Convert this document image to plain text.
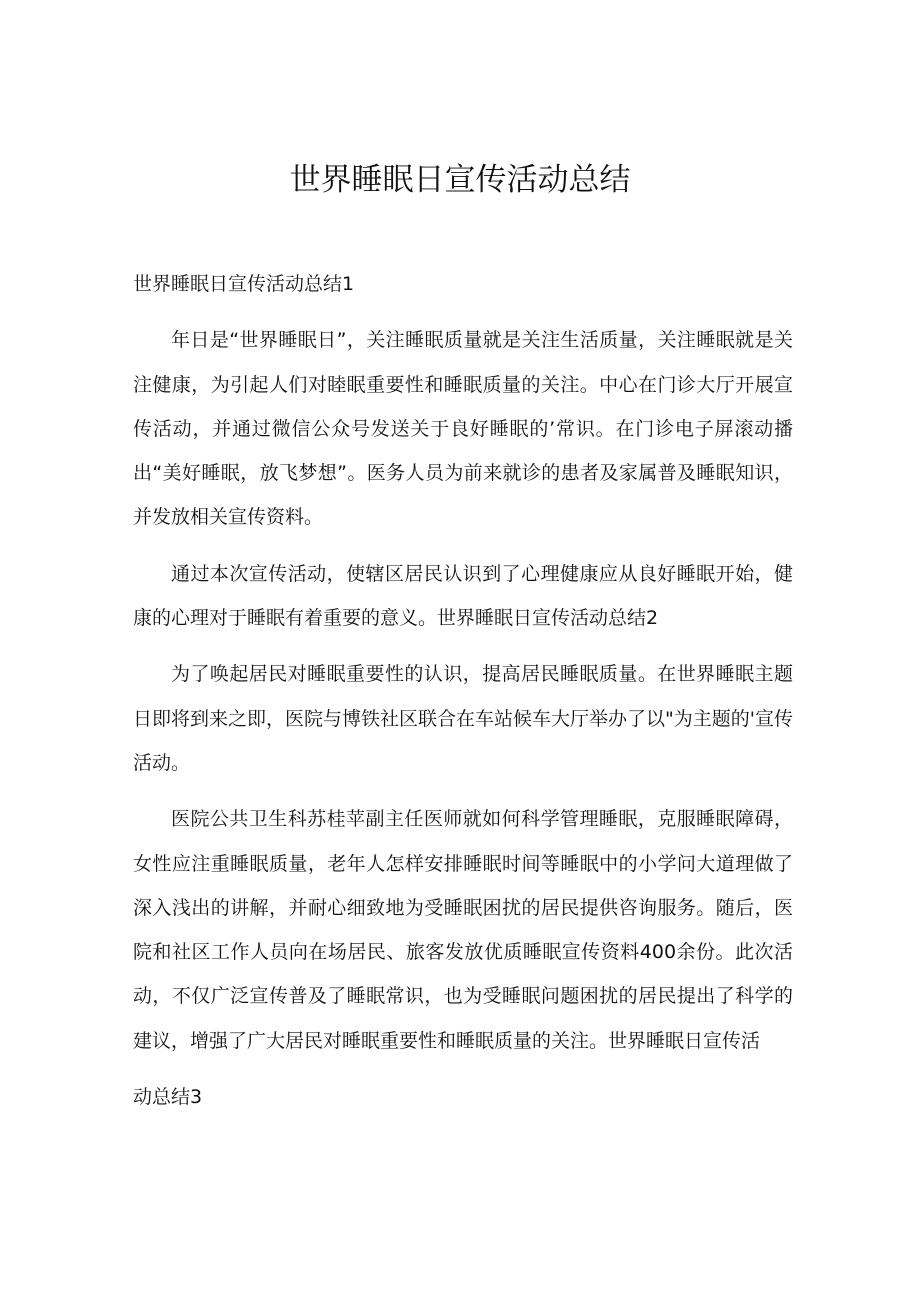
世界睡眠日宣传活动总结

世界睡眠日宣传活动总结1

年日是“世界睡眠日”，关注睡眠质量就是关注生活质量，关注睡眠就是关注健康，为引起人们对睦眠重要性和睡眠质量的关注。中心在门诊大厅开展宣传活动，并通过微信公众号发送关于良好睡眠的’常识。在门诊电子屏滚动播出“美好睡眠，放飞梦想”。医务人员为前来就诊的患者及家属普及睡眠知识，并发放相关宣传资料。

通过本次宣传活动，使辖区居民认识到了心理健康应从良好睡眠开始，健康的心理对于睡眠有着重要的意义。世界睡眠日宣传活动总结2

为了唤起居民对睡眠重要性的认识，提高居民睡眠质量。在世界睡眠主题日即将到来之即，医院与博铁社区联合在车站候车大厅举办了以"为主题的'宣传活动。

医院公共卫生科苏桂苹副主任医师就如何科学管理睡眠，克服睡眠障碍，女性应注重睡眠质量，老年人怎样安排睡眠时间等睡眠中的小学问大道理做了深入浅出的讲解，并耐心细致地为受睡眠困扰的居民提供咨询服务。随后，医院和社区工作人员向在场居民、旅客发放优质睡眠宣传资料400余份。此次活动，不仅广泛宣传普及了睡眠常识，也为受睡眠问题困扰的居民提出了科学的建议，增强了广大居民对睡眠重要性和睡眠质量的关注。世界睡眠日宣传活

动总结3
